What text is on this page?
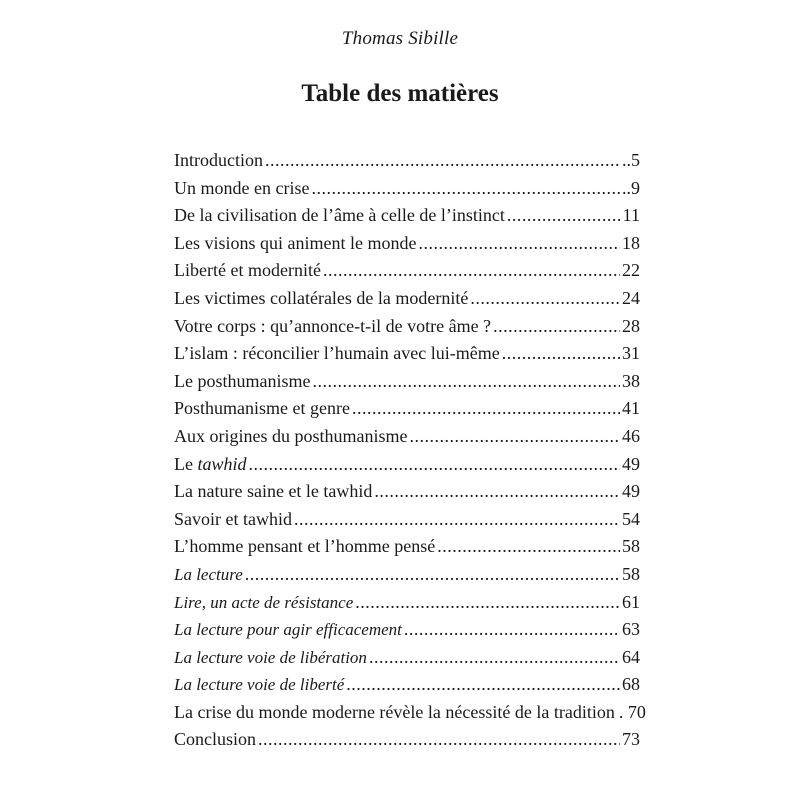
Thomas Sibille
Table des matières
Introduction .....	..5
Un monde en crise .....	..9
De la civilisation de l’âme à celle de l’instinct .....	11
Les visions qui animent le monde .....	18
Liberté et modernité .....	22
Les victimes collatérales de la modernité .....	24
Votre corps : qu’annonce-t-il de votre âme ? .....	28
L’islam : réconcilier l’humain avec lui-même .....	31
Le posthumanisme .....	38
Posthumanisme et genre .....	41
Aux origines du posthumanisme .....	46
Le tawhid .....	49
La nature saine et le tawhid .....	49
Savoir et tawhid .....	54
L’homme pensant et l’homme pensé .....	58
La lecture .....	58
Lire, un acte de résistance .....	61
La lecture pour agir efficacement .....	63
La lecture voie de libération .....	64
La lecture voie de liberté .....	68
La crise du monde moderne révèle la nécessité de la tradition . 70
Conclusion .....	73
